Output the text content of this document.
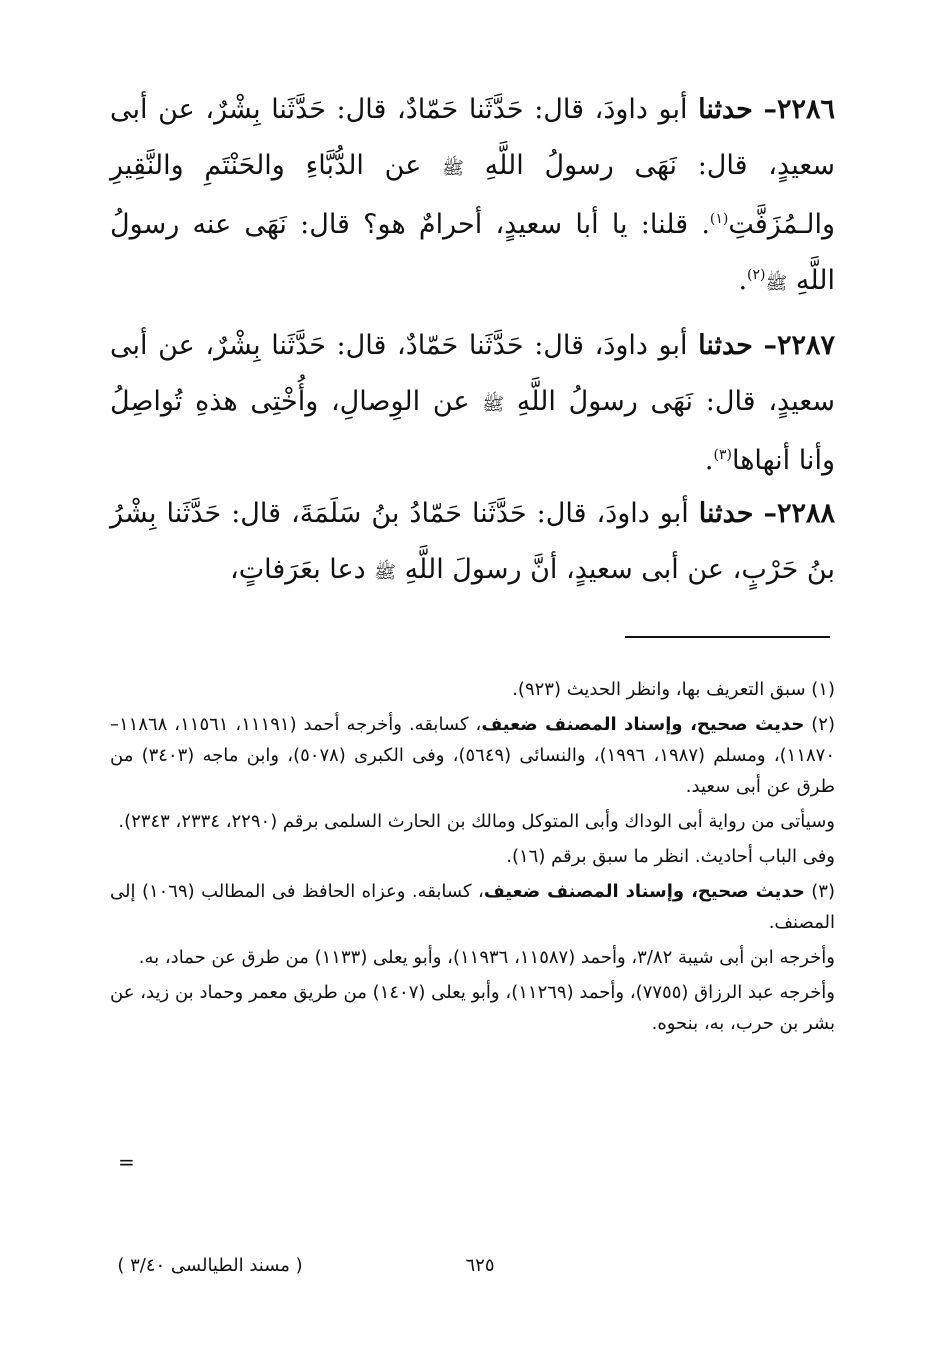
٢٢٨٦– حدثنا أبو داودَ، قال: حَدَّثَنا حَمّادٌ، قال: حَدَّثَنا بِشْرٌ، عن أبى سعيدٍ، قال: نَهَى رسولُ اللَّهِ ﷺ عن الدُّبَّاءِ والحَنْتَمِ والنَّقِيرِ والـمُزَفَّتِ$^{(١)}$. قلنا: يا أبا سعيدٍ، أحرامٌ هو؟ قال: نَهَى عنه رسولُ اللَّهِ ﷺ$^{(٢)}$.
٢٢٨٧– حدثنا أبو داودَ، قال: حَدَّثَنا حَمّادٌ، قال: حَدَّثَنا بِشْرٌ، عن أبى سعيدٍ، قال: نَهَى رسولُ اللَّهِ ﷺ عن الوِصالِ، وأُخْتِى هذهِ تُواصِلُ وأنا أنهاها$^{(٣)}$.
٢٢٨٨– حدثنا أبو داودَ، قال: حَدَّثَنا حَمّادُ بنُ سَلَمَةَ، قال: حَدَّثَنا بِشْرُ بنُ حَرْبٍ، عن أبى سعيدٍ، أنَّ رسولَ اللَّهِ ﷺ دعا بعَرَفاتٍ،

(١) سبق التعريف بها، وانظر الحديث (٩٢٣).

(٢) حديث صحيح، وإسناد المصنف ضعيف، كسابقه. وأخرجه أحمد (١١١٩١، ١١٥٦١، ١١٨٦٨– ١١٨٧٠)، ومسلم (١٩٨٧، ١٩٩٦)، والنسائى (٥٦٤٩)، وفى الكبرى (٥٠٧٨)، وابن ماجه (٣٤٠٣) من طرق عن أبى سعيد.

وسيأتى من رواية أبى الوداك وأبى المتوكل ومالك بن الحارث السلمى برقم (٢٢٩٠، ٢٣٣٤، ٢٣٤٣).

وفى الباب أحاديث. انظر ما سبق برقم (١٦).

(٣) حديث صحيح، وإسناد المصنف ضعيف، كسابقه. وعزاه الحافظ فى المطالب (١٠٦٩) إلى المصنف.

وأخرجه ابن أبى شيبة ٣/٨٢، وأحمد (١١٥٨٧، ١١٩٣٦)، وأبو يعلى (١١٣٣) من طرق عن حماد، به.

وأخرجه عبد الرزاق (٧٧٥٥)، وأحمد (١١٢٦٩)، وأبو يعلى (١٤٠٧) من طريق معمر وحماد بن زيد، عن بشر بن حرب، به، بنحوه.

=
٦٢٥
( مسند الطيالسى ٣/٤٠ )
